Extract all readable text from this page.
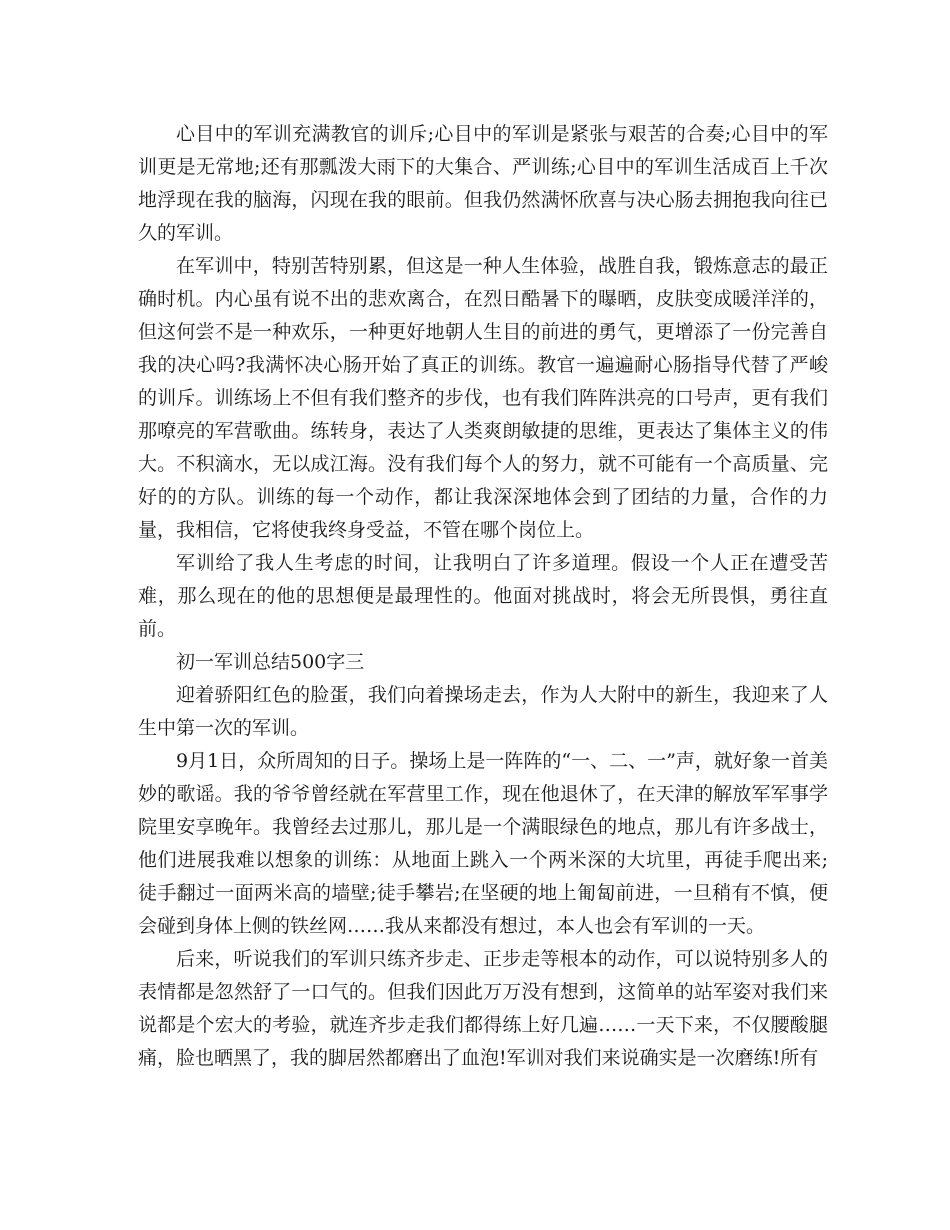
心目中的军训充满教官的训斥;心目中的军训是紧张与艰苦的合奏;心目中的军训更是无常地;还有那瓢泼大雨下的大集合、严训练;心目中的军训生活成百上千次地浮现在我的脑海，闪现在我的眼前。但我仍然满怀欣喜与决心肠去拥抱我向往已久的军训。

在军训中，特别苦特别累，但这是一种人生体验，战胜自我，锻炼意志的最正确时机。内心虽有说不出的悲欢离合，在烈日酷暑下的曝晒，皮肤变成暖洋洋的，但这何尝不是一种欢乐，一种更好地朝人生目的前进的勇气，更增添了一份完善自我的决心吗?我满怀决心肠开始了真正的训练。教官一遍遍耐心肠指导代替了严峻的训斥。训练场上不但有我们整齐的步伐，也有我们阵阵洪亮的口号声，更有我们那嘹亮的军营歌曲。练转身，表达了人类爽朗敏捷的思维，更表达了集体主义的伟大。不积滴水，无以成江海。没有我们每个人的努力，就不可能有一个高质量、完好的的方队。训练的每一个动作，都让我深深地体会到了团结的力量，合作的力量，我相信，它将使我终身受益，不管在哪个岗位上。

军训给了我人生考虑的时间，让我明白了许多道理。假设一个人正在遭受苦难，那么现在的他的思想便是最理性的。他面对挑战时，将会无所畏惧，勇往直前。

初一军训总结500字三

迎着骄阳红色的脸蛋，我们向着操场走去，作为人大附中的新生，我迎来了人生中第一次的军训。

9月1日，众所周知的日子。操场上是一阵阵的“一、二、一”声，就好象一首美妙的歌谣。我的爷爷曾经就在军营里工作，现在他退休了，在天津的解放军军事学院里安享晚年。我曾经去过那儿，那儿是一个满眼绿色的地点，那儿有许多战士，他们进展我难以想象的训练：从地面上跳入一个两米深的大坑里，再徒手爬出来;徒手翻过一面两米高的墙壁;徒手攀岩;在坚硬的地上匍匐前进，一旦稍有不慎，便会碰到身体上侧的铁丝网……我从来都没有想过，本人也会有军训的一天。

后来，听说我们的军训只练齐步走、正步走等根本的动作，可以说特别多人的表情都是忽然舒了一口气的。但我们因此万万没有想到，这简单的站军姿对我们来说都是个宏大的考验，就连齐步走我们都得练上好几遍……一天下来，不仅腰酸腿痛，脸也晒黑了，我的脚居然都磨出了血泡!军训对我们来说确实是一次磨练!所有
